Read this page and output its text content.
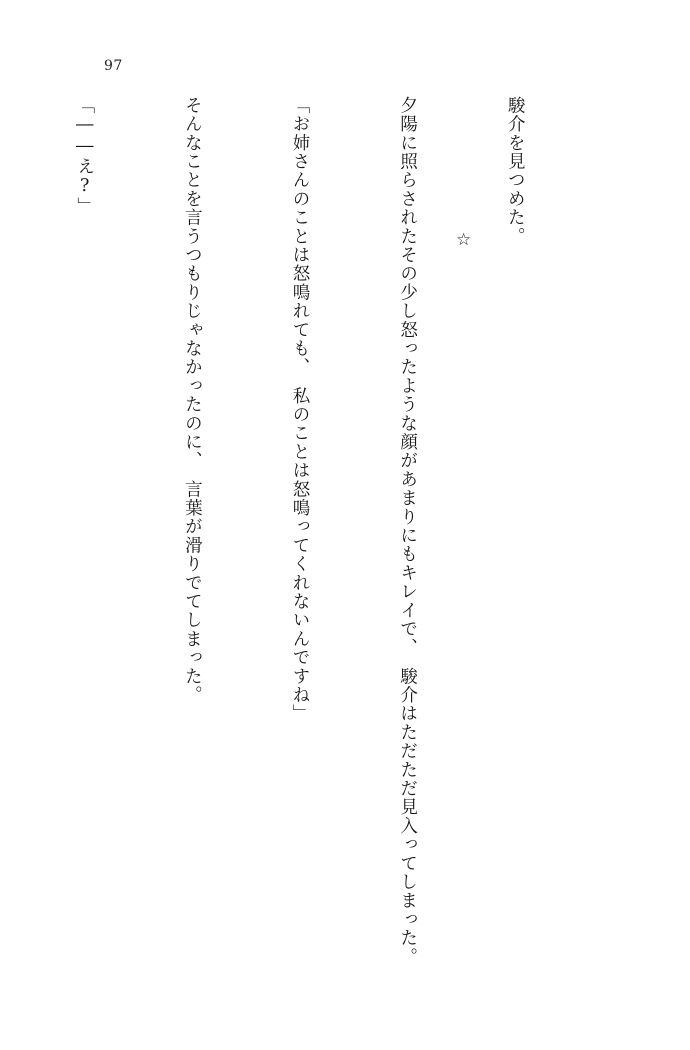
97
☆

	駿介を見つめた。

夕陽に照らされたその少し怒ったような顔があまりにもキレイで、　駿介はただただ見入ってしまった。

「お姉さんのことは怒鳴れても、　私のことは怒鳴ってくれないんですね」

そんなことを言うつもりじゃなかったのに、　言葉が滑りでてしまった。

「――え?」
